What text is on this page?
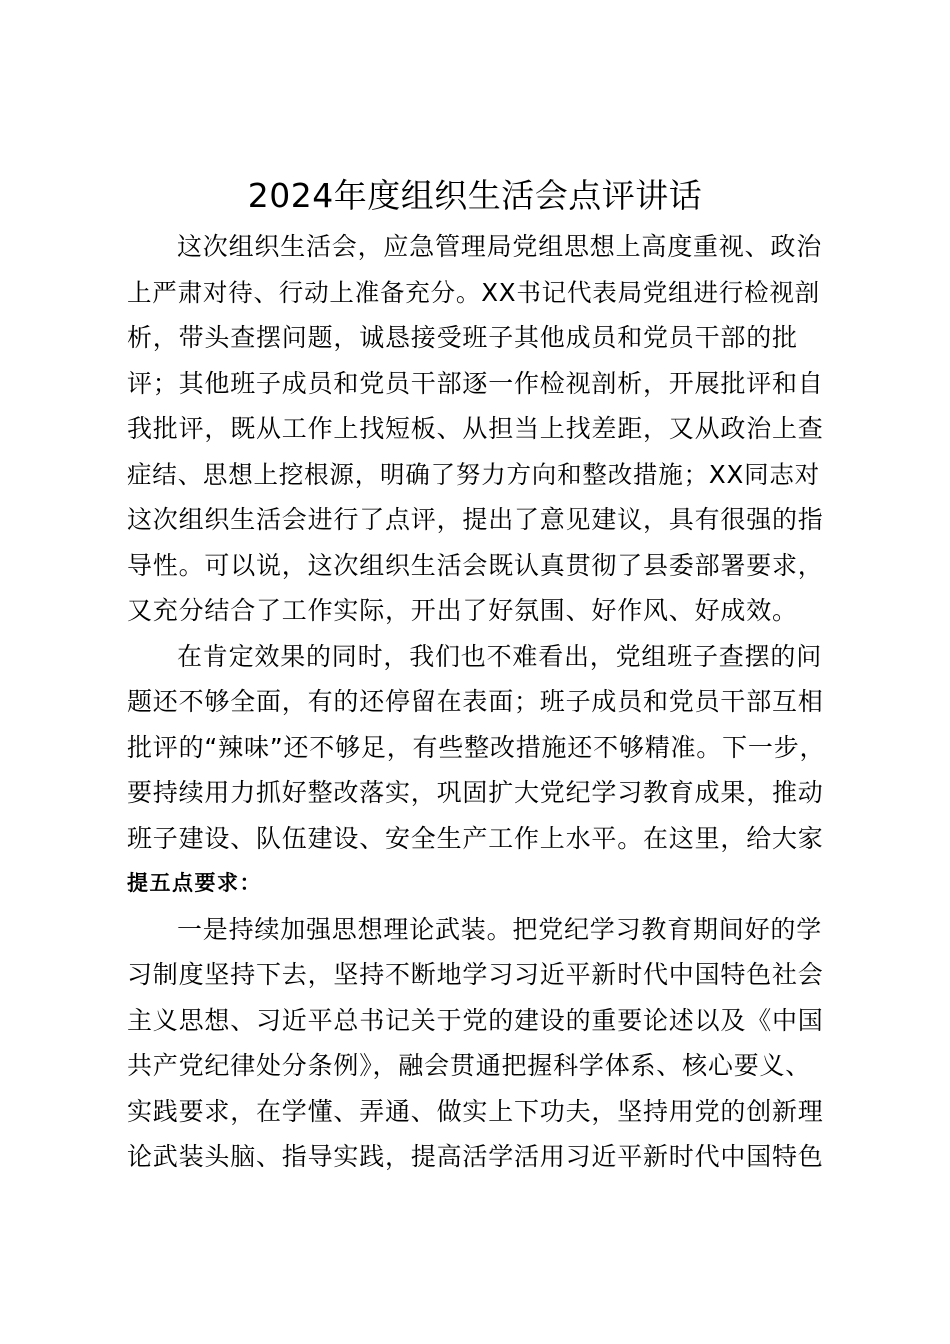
2024年度组织生活会点评讲话
这次组织生活会，应急管理局党组思想上高度重视、政治
上严肃对待、行动上准备充分。XX书记代表局党组进行检视剖
析，带头查摆问题，诚恳接受班子其他成员和党员干部的批
评；其他班子成员和党员干部逐一作检视剖析，开展批评和自
我批评，既从工作上找短板、从担当上找差距，又从政治上查
症结、思想上挖根源，明确了努力方向和整改措施；XX同志对
这次组织生活会进行了点评，提出了意见建议，具有很强的指
导性。可以说，这次组织生活会既认真贯彻了县委部署要求，
又充分结合了工作实际，开出了好氛围、好作风、好成效。
在肯定效果的同时，我们也不难看出，党组班子查摆的问
题还不够全面，有的还停留在表面；班子成员和党员干部互相
批评的“辣味”还不够足，有些整改措施还不够精准。下一步，
要持续用力抓好整改落实，巩固扩大党纪学习教育成果，推动
班子建设、队伍建设、安全生产工作上水平。在这里，给大家
提五点要求：
一是持续加强思想理论武装。把党纪学习教育期间好的学
习制度坚持下去，坚持不断地学习习近平新时代中国特色社会
主义思想、习近平总书记关于党的建设的重要论述以及《中国
共产党纪律处分条例》，融会贯通把握科学体系、核心要义、
实践要求，在学懂、弄通、做实上下功夫，坚持用党的创新理
论武装头脑、指导实践，提高活学活用习近平新时代中国特色
